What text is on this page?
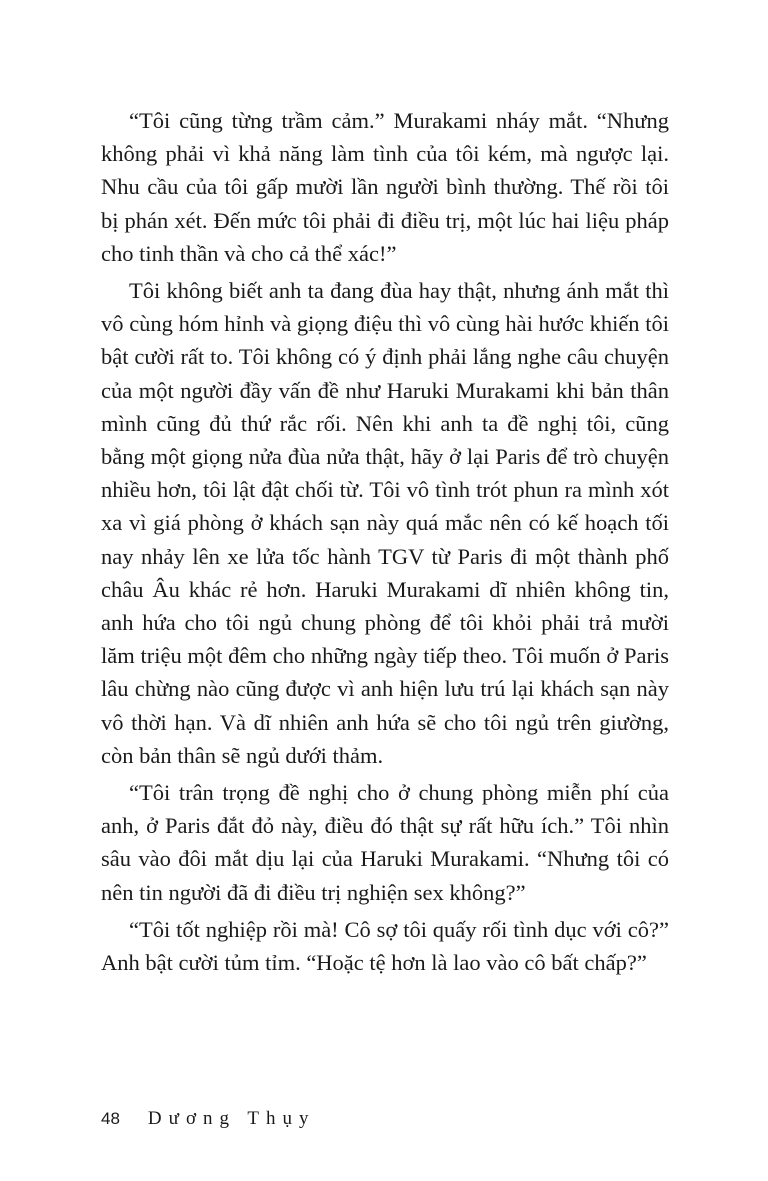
“Tôi cũng từng trầm cảm.” Murakami nháy mắt. “Nhưng không phải vì khả năng làm tình của tôi kém, mà ngược lại. Nhu cầu của tôi gấp mười lần người bình thường. Thế rồi tôi bị phán xét. Đến mức tôi phải đi điều trị, một lúc hai liệu pháp cho tinh thần và cho cả thể xác!”

Tôi không biết anh ta đang đùa hay thật, nhưng ánh mắt thì vô cùng hóm hỉnh và giọng điệu thì vô cùng hài hước khiến tôi bật cười rất to. Tôi không có ý định phải lắng nghe câu chuyện của một người đầy vấn đề như Haruki Murakami khi bản thân mình cũng đủ thứ rắc rối. Nên khi anh ta đề nghị tôi, cũng bằng một giọng nửa đùa nửa thật, hãy ở lại Paris để trò chuyện nhiều hơn, tôi lật đật chối từ. Tôi vô tình trót phun ra mình xót xa vì giá phòng ở khách sạn này quá mắc nên có kế hoạch tối nay nhảy lên xe lửa tốc hành TGV từ Paris đi một thành phố châu Âu khác rẻ hơn. Haruki Murakami dĩ nhiên không tin, anh hứa cho tôi ngủ chung phòng để tôi khỏi phải trả mười lăm triệu một đêm cho những ngày tiếp theo. Tôi muốn ở Paris lâu chừng nào cũng được vì anh hiện lưu trú lại khách sạn này vô thời hạn. Và dĩ nhiên anh hứa sẽ cho tôi ngủ trên giường, còn bản thân sẽ ngủ dưới thảm.

“Tôi trân trọng đề nghị cho ở chung phòng miễn phí của anh, ở Paris đắt đỏ này, điều đó thật sự rất hữu ích.” Tôi nhìn sâu vào đôi mắt dịu lại của Haruki Murakami. “Nhưng tôi có nên tin người đã đi điều trị nghiện sex không?”

“Tôi tốt nghiệp rồi mà! Cô sợ tôi quấy rối tình dục với cô?” Anh bật cười tủm tỉm. “Hoặc tệ hơn là lao vào cô bất chấp?”

48 Dương Thụy
